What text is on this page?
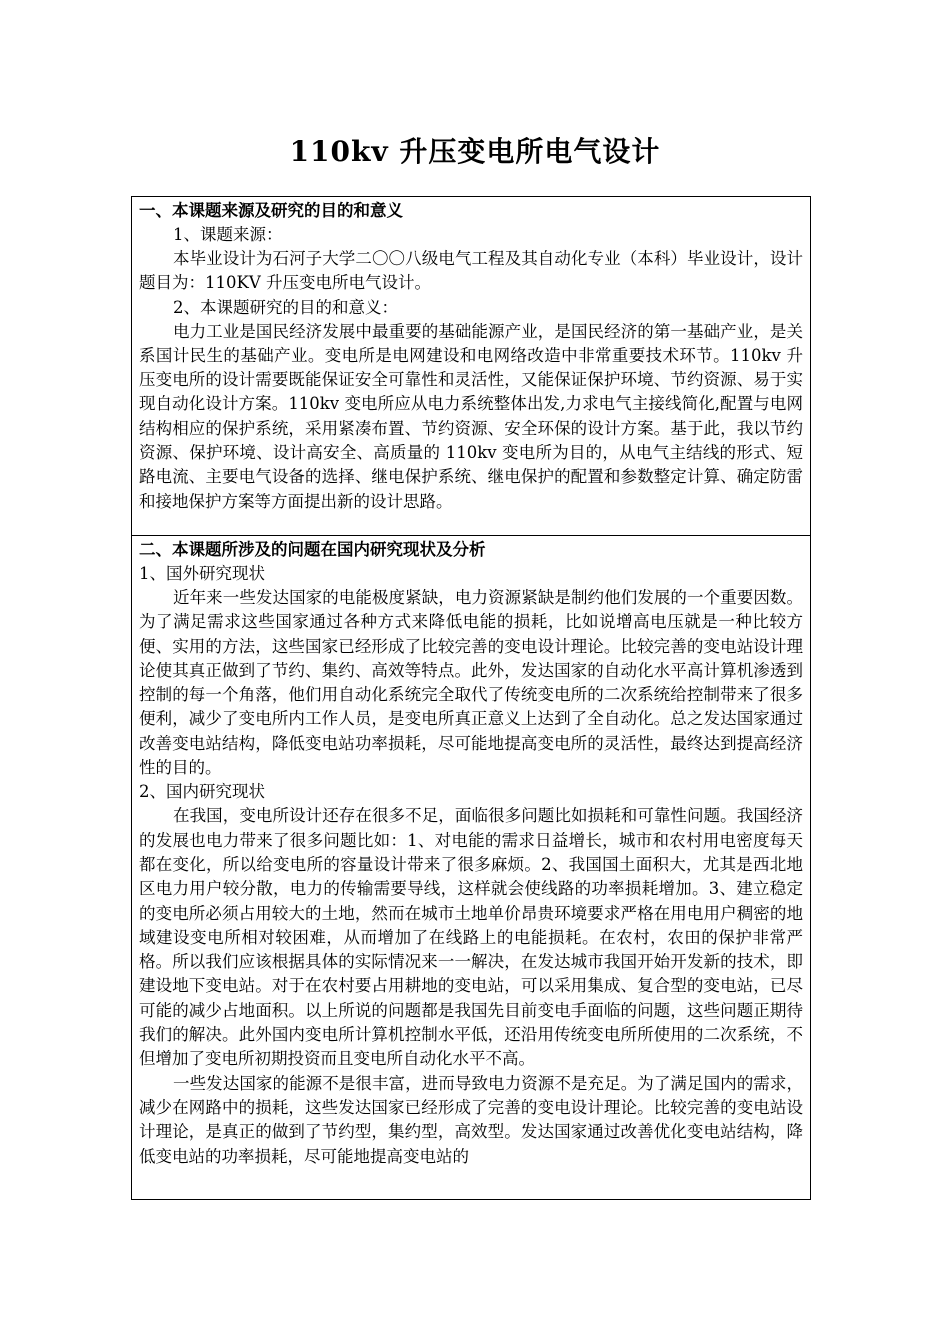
110kv 升压变电所电气设计
一、本课题来源及研究的目的和意义
1、课题来源：

本毕业设计为石河子大学二〇〇八级电气工程及其自动化专业（本科）毕业设计，设计题目为：110KV 升压变电所电气设计。

2、本课题研究的目的和意义：

电力工业是国民经济发展中最重要的基础能源产业，是国民经济的第一基础产业，是关系国计民生的基础产业。变电所是电网建设和电网络改造中非常重要技术环节。110kv 升压变电所的设计需要既能保证安全可靠性和灵活性，又能保证保护环境、节约资源、易于实现自动化设计方案。110kv 变电所应从电力系统整体出发,力求电气主接线简化,配置与电网结构相应的保护系统，采用紧凑布置、节约资源、安全环保的设计方案。基于此，我以节约资源、保护环境、设计高安全、高质量的 110kv 变电所为目的，从电气主结线的形式、短路电流、主要电气设备的选择、继电保护系统、继电保护的配置和参数整定计算、确定防雷和接地保护方案等方面提出新的设计思路。

二、本课题所涉及的问题在国内研究现状及分析
1、国外研究现状

近年来一些发达国家的电能极度紧缺，电力资源紧缺是制约他们发展的一个重要因数。为了满足需求这些国家通过各种方式来降低电能的损耗，比如说增高电压就是一种比较方便、实用的方法，这些国家已经形成了比较完善的变电设计理论。比较完善的变电站设计理论使其真正做到了节约、集约、高效等特点。此外，发达国家的自动化水平高计算机渗透到控制的每一个角落，他们用自动化系统完全取代了传统变电所的二次系统给控制带来了很多便利，减少了变电所内工作人员，是变电所真正意义上达到了全自动化。总之发达国家通过改善变电站结构，降低变电站功率损耗，尽可能地提高变电所的灵活性，最终达到提高经济性的目的。

2、国内研究现状

在我国，变电所设计还存在很多不足，面临很多问题比如损耗和可靠性问题。我国经济的发展也电力带来了很多问题比如：1、对电能的需求日益增长，城市和农村用电密度每天都在变化，所以给变电所的容量设计带来了很多麻烦。2、我国国土面积大，尤其是西北地区电力用户较分散，电力的传输需要导线，这样就会使线路的功率损耗增加。3、建立稳定的变电所必须占用较大的土地，然而在城市土地单价昂贵环境要求严格在用电用户稠密的地域建设变电所相对较困难，从而增加了在线路上的电能损耗。在农村，农田的保护非常严格。所以我们应该根据具体的实际情况来一一解决，在发达城市我国开始开发新的技术，即建设地下变电站。对于在农村要占用耕地的变电站，可以采用集成、复合型的变电站，已尽可能的减少占地面积。以上所说的问题都是我国先目前变电手面临的问题，这些问题正期待我们的解决。此外国内变电所计算机控制水平低，还沿用传统变电所所使用的二次系统，不但增加了变电所初期投资而且变电所自动化水平不高。

一些发达国家的能源不是很丰富，进而导致电力资源不是充足。为了满足国内的需求，减少在网路中的损耗，这些发达国家已经形成了完善的变电设计理论。比较完善的变电站设计理论，是真正的做到了节约型，集约型，高效型。发达国家通过改善优化变电站结构，降低变电站的功率损耗，尽可能地提高变电站的
